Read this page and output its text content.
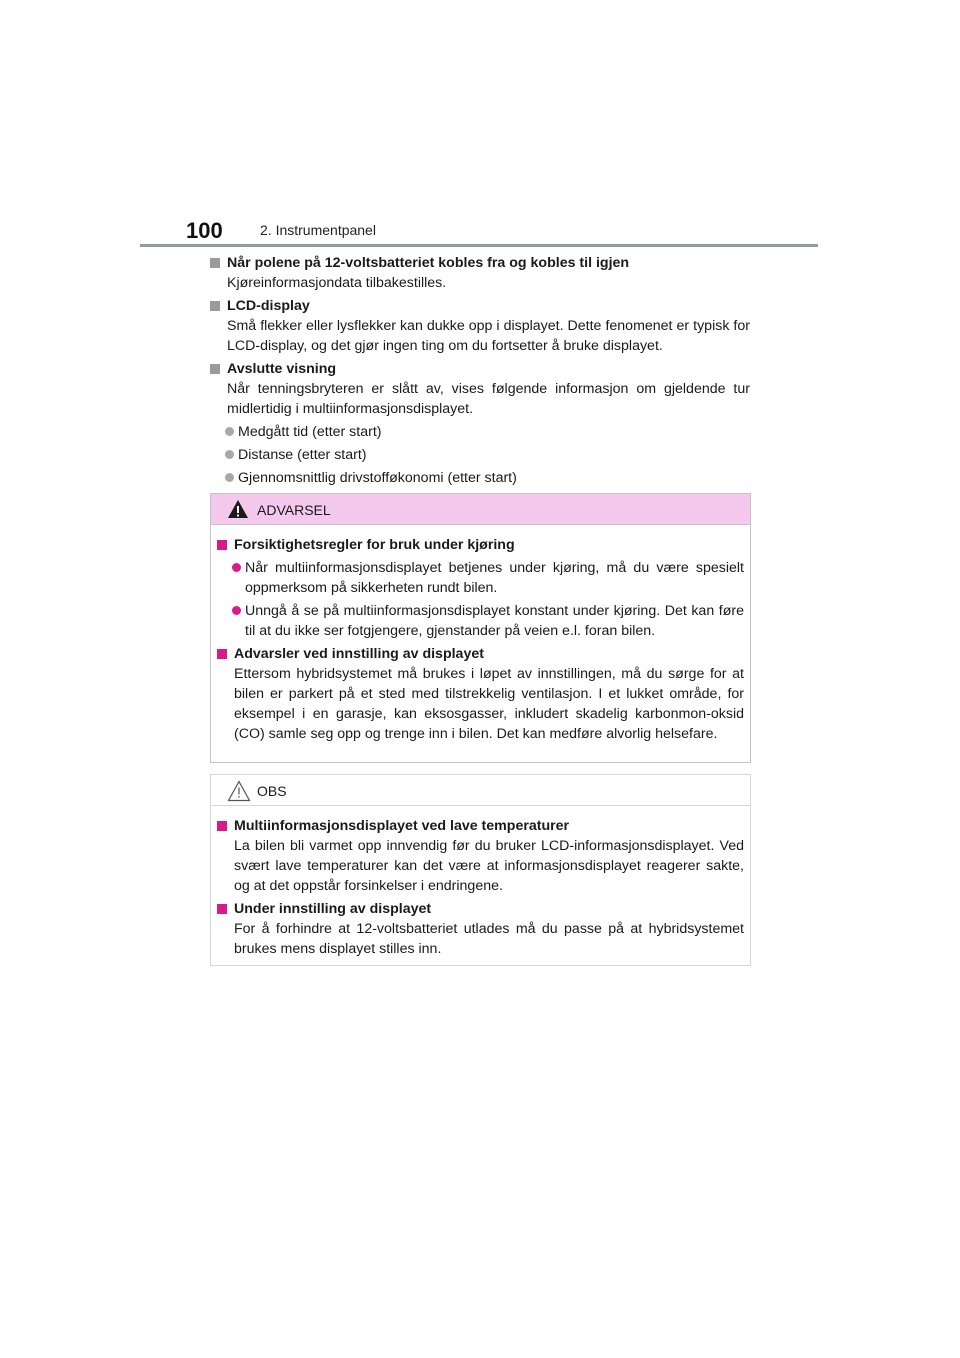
100	2. Instrumentpanel
Når polene på 12-voltsbatteriet kobles fra og kobles til igjen
Kjøreinformasjondata tilbakestilles.
LCD-display
Små flekker eller lysflekker kan dukke opp i displayet. Dette fenomenet er typisk for LCD-display, og det gjør ingen ting om du fortsetter å bruke displayet.
Avslutte visning
Når tenningsbryteren er slått av, vises følgende informasjon om gjeldende tur midlertidig i multiinformasjonsdisplayet.
Medgått tid (etter start)
Distanse (etter start)
Gjennomsnittlig drivstofføkonomi (etter start)
ADVARSEL
Forsiktighetsregler for bruk under kjøring
Når multiinformasjonsdisplayet betjenes under kjøring, må du være spesielt oppmerksom på sikkerheten rundt bilen.
Unngå å se på multiinformasjonsdisplayet konstant under kjøring. Det kan føre til at du ikke ser fotgjengere, gjenstander på veien e.l. foran bilen.
Advarsler ved innstilling av displayet
Ettersom hybridsystemet må brukes i løpet av innstillingen, må du sørge for at bilen er parkert på et sted med tilstrekkelig ventilasjon. I et lukket område, for eksempel i en garasje, kan eksosgasser, inkludert skadelig karbonmon-oksid (CO) samle seg opp og trenge inn i bilen. Det kan medføre alvorlig helsefare.
OBS
Multiinformasjonsdisplayet ved lave temperaturer
La bilen bli varmet opp innvendig før du bruker LCD-informasjonsdisplayet. Ved svært lave temperaturer kan det være at informasjonsdisplayet reagerer sakte, og at det oppstår forsinkelser i endringene.
Under innstilling av displayet
For å forhindre at 12-voltsbatteriet utlades må du passe på at hybridsystemet brukes mens displayet stilles inn.
